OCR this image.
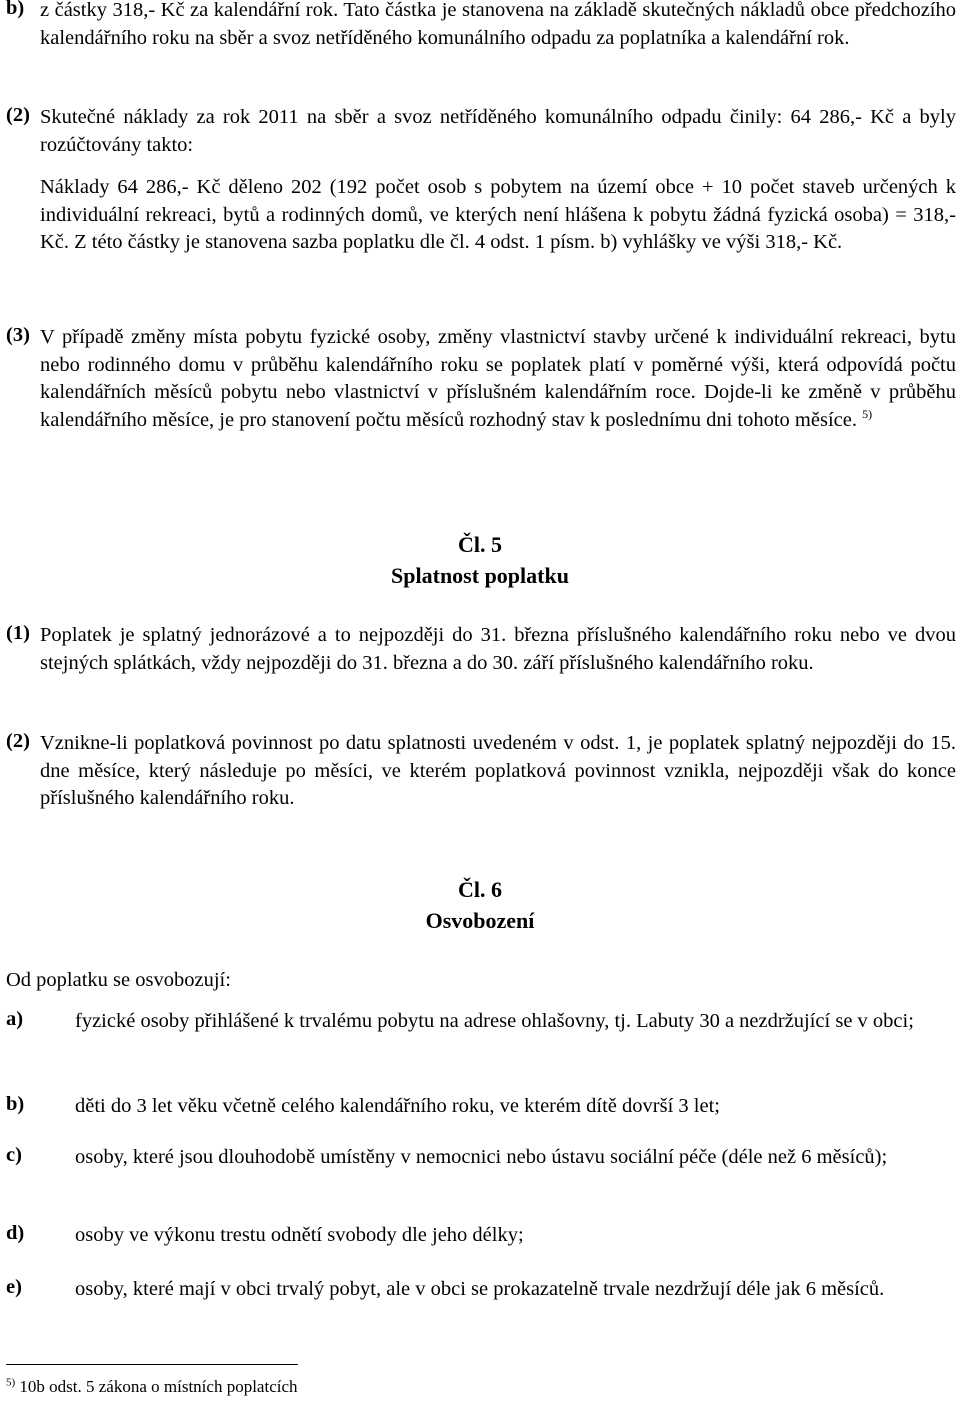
b) z částky 318,- Kč za kalendářní rok. Tato částka je stanovena na základě skutečných nákladů obce předchozího kalendářního roku na sběr a svoz netříděného komunálního odpadu za poplatníka a kalendářní rok.
(2) Skutečné náklady za rok 2011 na sběr a svoz netříděného komunálního odpadu činily: 64 286,- Kč a byly rozúčtovány takto:
Náklady 64 286,- Kč děleno 202 (192 počet osob s pobytem na území obce + 10 počet staveb určených k individuální rekreaci, bytů a rodinných domů, ve kterých není hlášena k pobytu žádná fyzická osoba) = 318,- Kč. Z této částky je stanovena sazba poplatku dle čl. 4 odst. 1 písm. b) vyhlášky ve výši 318,- Kč.
(3) V případě změny místa pobytu fyzické osoby, změny vlastnictví stavby určené k individuální rekreaci, bytu nebo rodinného domu v průběhu kalendářního roku se poplatek platí v poměrné výši, která odpovídá počtu kalendářních měsíců pobytu nebo vlastnictví v příslušném kalendářním roce. Dojde-li ke změně v průběhu kalendářního měsíce, je pro stanovení počtu měsíců rozhodný stav k poslednímu dni tohoto měsíce. $^{5)}$
Čl. 5
Splatnost poplatku
(1) Poplatek je splatný jednorázové a to nejpozději do 31. března příslušného kalendářního roku nebo ve dvou stejných splátkách, vždy nejpozději do 31. března a do 30. září příslušného kalendářního roku.
(2) Vznikne-li poplatková povinnost po datu splatnosti uvedeném v odst. 1, je poplatek splatný nejpozději do 15. dne měsíce, který následuje po měsíci, ve kterém poplatková povinnost vznikla, nejpozději však do konce příslušného kalendářního roku.
Čl. 6
Osvobození
Od poplatku se osvobozují:
a)	fyzické osoby přihlášené k trvalému pobytu na adrese ohlašovny, tj. Labuty 30 a nezdržující se v obci;
b) děti do 3 let věku včetně celého kalendářního roku, ve kterém dítě dovrší 3 let;
c)	osoby, které jsou dlouhodobě umístěny v nemocnici nebo ústavu sociální péče (déle než 6 měsíců);
d) osoby ve výkonu trestu odnětí svobody dle jeho délky;
e)	osoby, které mají v obci trvalý pobyt, ale v obci se prokazatelně trvale nezdržují déle jak 6 měsíců.
$^{5)}$ 10b odst. 5 zákona o místních poplatcích
